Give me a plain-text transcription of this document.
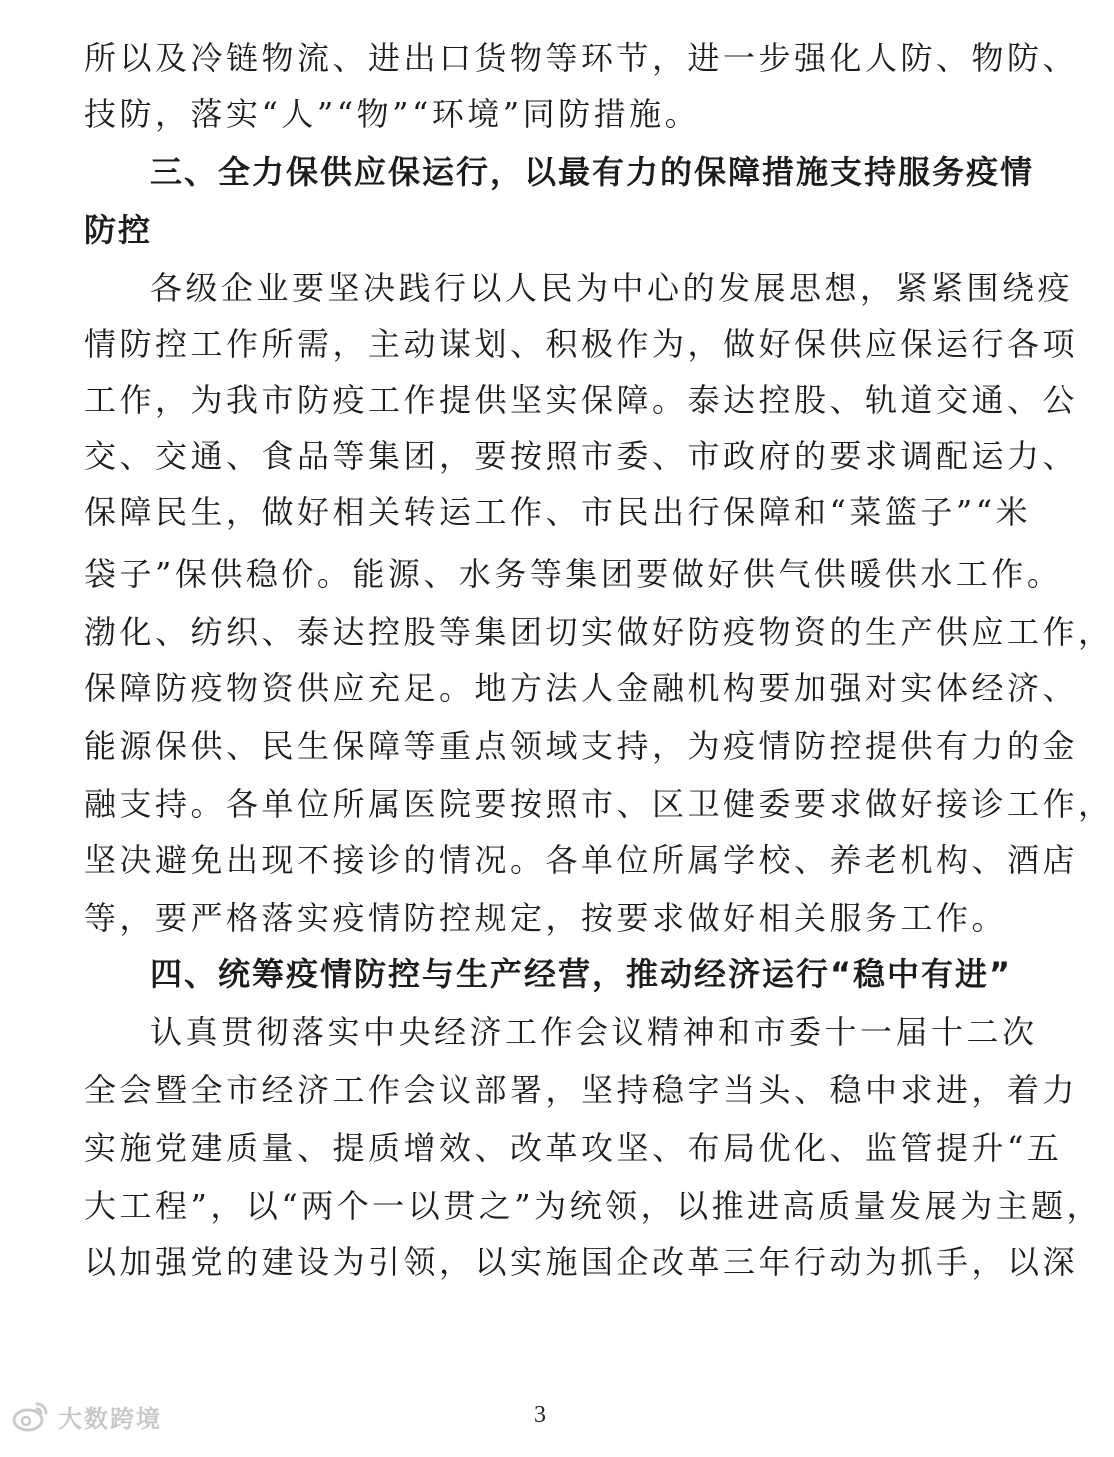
所以及冷链物流、进出口货物等环节，进一步强化人防、物防、
技防，落实“人”“物”“环境”同防措施。
三、全力保供应保运行，以最有力的保障措施支持服务疫情
防控
各级企业要坚决践行以人民为中心的发展思想，紧紧围绕疫
情防控工作所需，主动谋划、积极作为，做好保供应保运行各项
工作，为我市防疫工作提供坚实保障。泰达控股、轨道交通、公
交、交通、食品等集团，要按照市委、市政府的要求调配运力、
保障民生，做好相关转运工作、市民出行保障和“菜篮子”“米
袋子”保供稳价。能源、水务等集团要做好供气供暖供水工作。
渤化、纺织、泰达控股等集团切实做好防疫物资的生产供应工作，
保障防疫物资供应充足。地方法人金融机构要加强对实体经济、
能源保供、民生保障等重点领域支持，为疫情防控提供有力的金
融支持。各单位所属医院要按照市、区卫健委要求做好接诊工作，
坚决避免出现不接诊的情况。各单位所属学校、养老机构、酒店
等，要严格落实疫情防控规定，按要求做好相关服务工作。
四、统筹疫情防控与生产经营，推动经济运行“稳中有进”
认真贯彻落实中央经济工作会议精神和市委十一届十二次
全会暨全市经济工作会议部署，坚持稳字当头、稳中求进，着力
实施党建质量、提质增效、改革攻坚、布局优化、监管提升“五
大工程”，以“两个一以贯之”为统领，以推进高质量发展为主题，
以加强党的建设为引领，以实施国企改革三年行动为抓手，以深
大数跨境	3
